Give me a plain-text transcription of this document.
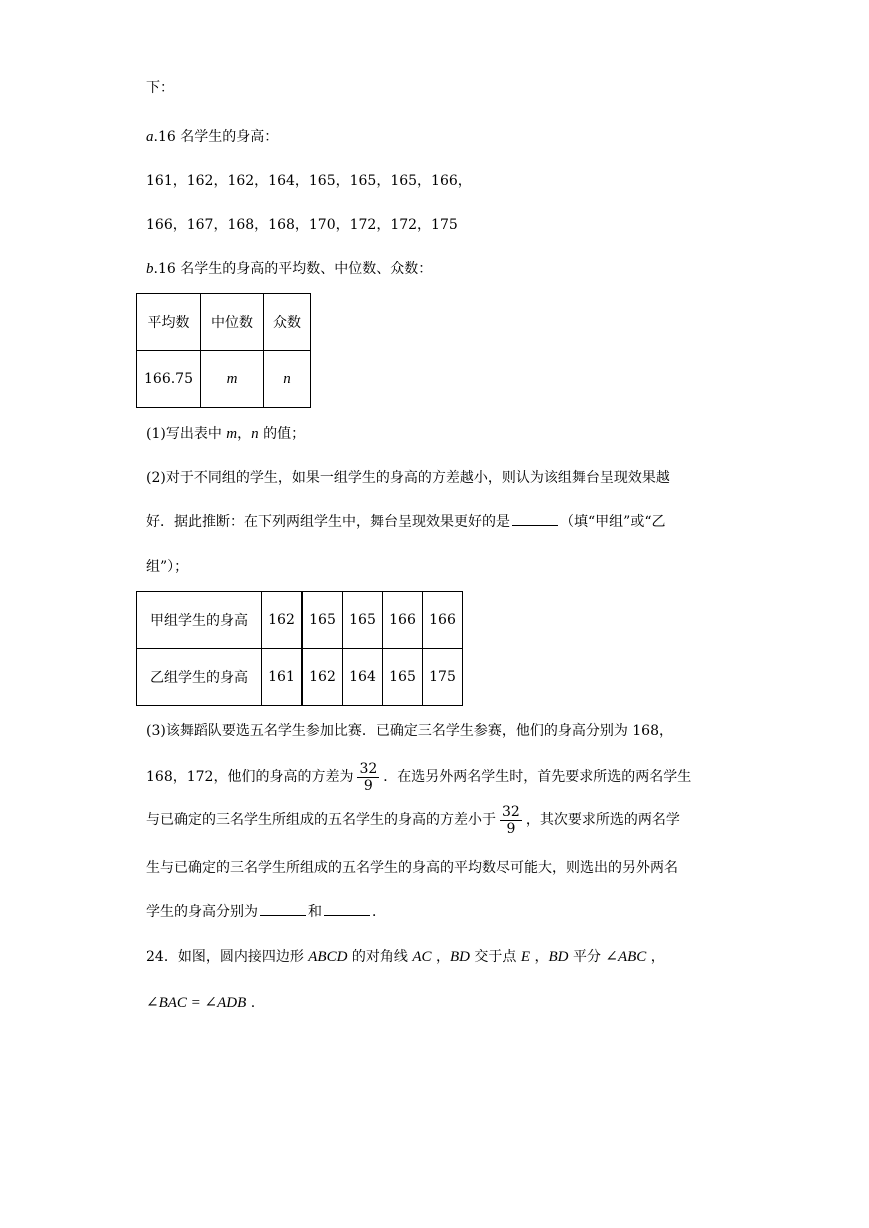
下：
a.16 名学生的身高：
161，162，162，164，165，165，165，166，
166，167，168，168，170，172，172，175
b.16 名学生的身高的平均数、中位数、众数：
平均数	中位数	众数
166.75	m	n
(1)写出表中 m，n 的值；
(2)对于不同组的学生，如果一组学生的身高的方差越小，则认为该组舞台呈现效果越
好．据此推断：在下列两组学生中，舞台呈现效果更好的是	（填“甲组”或“乙
组”）；
甲组学生的身高	162	165	165	166	166
乙组学生的身高	161	162	164	165	175
(3)该舞蹈队要选五名学生参加比赛．已确定三名学生参赛，他们的身高分别为 168，
168，172，他们的身高的方差为 $\frac{32}{9}$ ．在选另外两名学生时，首先要求所选的两名学生
与已确定的三名学生所组成的五名学生的身高的方差小于 $\frac{32}{9}$ ，其次要求所选的两名学
生与已确定的三名学生所组成的五名学生的身高的平均数尽可能大，则选出的另外两名
学生的身高分别为	和	．
24．如图，圆内接四边形 ABCD 的对角线 AC ，BD 交于点 E ，BD 平分 ∠ABC ，
∠BAC = ∠ADB .
